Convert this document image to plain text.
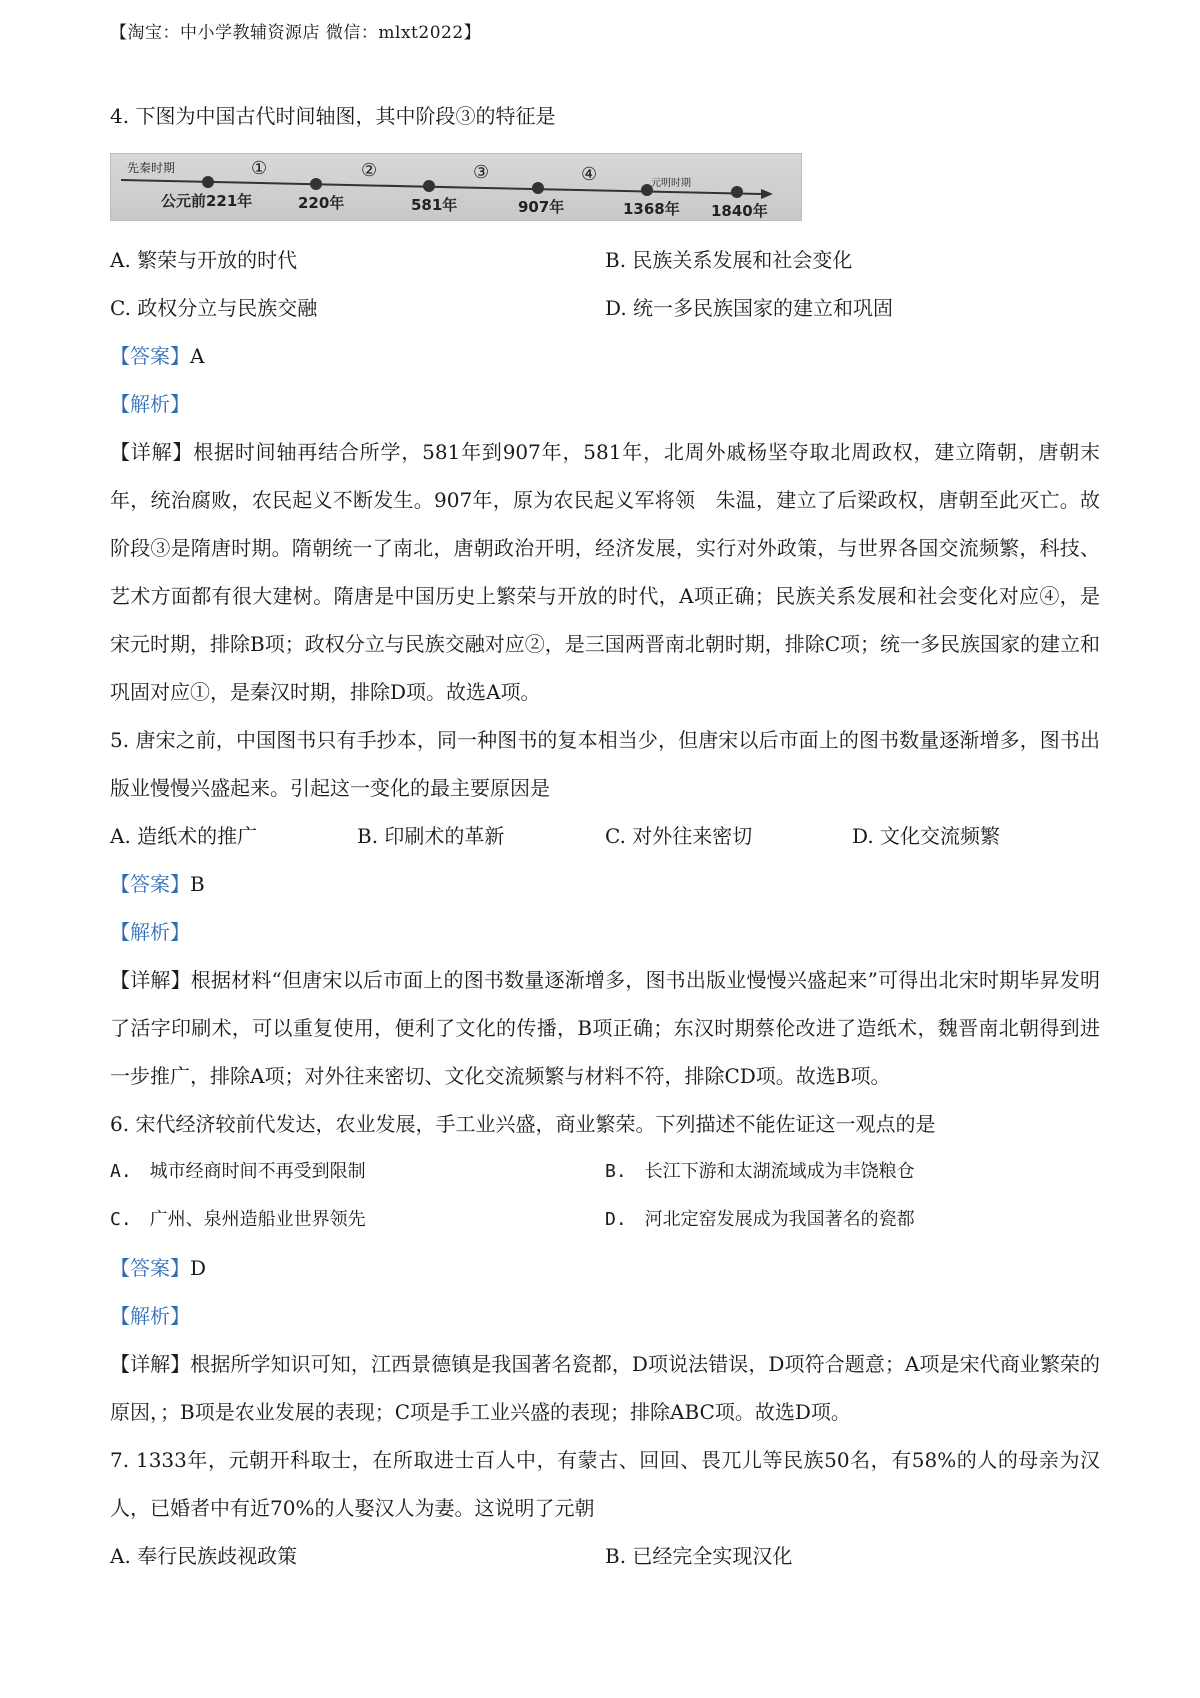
【淘宝：中小学教辅资源店 微信：mlxt2022】
4. 下图为中国古代时间轴图，其中阶段③的特征是
先秦时期
元明时期
①	②	③	④
公元前221年	220年	581年	907年	1368年 1840年
A. 繁荣与开放的时代	B. 民族关系发展和社会变化
C. 政权分立与民族交融	D. 统一多民族国家的建立和巩固
【答案】A
【解析】

【详解】根据时间轴再结合所学，581年到907年，581年，北周外戚杨坚夺取北周政权，建立隋朝，唐朝末年，统治腐败，农民起义不断发生。907年，原为农民起义军将领　朱温，建立了后梁政权，唐朝至此灭亡。故阶段③是隋唐时期。隋朝统一了南北，唐朝政治开明，经济发展，实行对外政策，与世界各国交流频繁，科技、艺术方面都有很大建树。隋唐是中国历史上繁荣与开放的时代，A项正确；民族关系发展和社会变化对应④，是宋元时期，排除B项；政权分立与民族交融对应②，是三国两晋南北朝时期，排除C项；统一多民族国家的建立和巩固对应①，是秦汉时期，排除D项。故选A项。

5. 唐宋之前，中国图书只有手抄本，同一种图书的复本相当少，但唐宋以后市面上的图书数量逐渐增多，图书出版业慢慢兴盛起来。引起这一变化的最主要原因是
A. 造纸术的推广	B. 印刷术的革新	C. 对外往来密切	D. 文化交流频繁
【答案】B
【解析】

【详解】根据材料“但唐宋以后市面上的图书数量逐渐增多，图书出版业慢慢兴盛起来”可得出北宋时期毕昇发明了活字印刷术，可以重复使用，便利了文化的传播，B项正确；东汉时期蔡伦改进了造纸术，魏晋南北朝得到进一步推广，排除A项；对外往来密切、文化交流频繁与材料不符，排除CD项。故选B项。

6. 宋代经济较前代发达，农业发展，手工业兴盛，商业繁荣。下列描述不能佐证这一观点的是
A.　城市经商时间不再受到限制	B.　长江下游和太湖流域成为丰饶粮仓
C.　广州、泉州造船业世界领先	D.　河北定窑发展成为我国著名的瓷都
【答案】D
【解析】

【详解】根据所学知识可知，江西景德镇是我国著名瓷都，D项说法错误，D项符合题意；A项是宋代商业繁荣的原因，；B项是农业发展的表现；C项是手工业兴盛的表现；排除ABC项。故选D项。

7. 1333年，元朝开科取士，在所取进士百人中，有蒙古、回回、畏兀儿等民族50名，有58%的人的母亲为汉人，已婚者中有近70%的人娶汉人为妻。这说明了元朝
A. 奉行民族歧视政策	B. 已经完全实现汉化
